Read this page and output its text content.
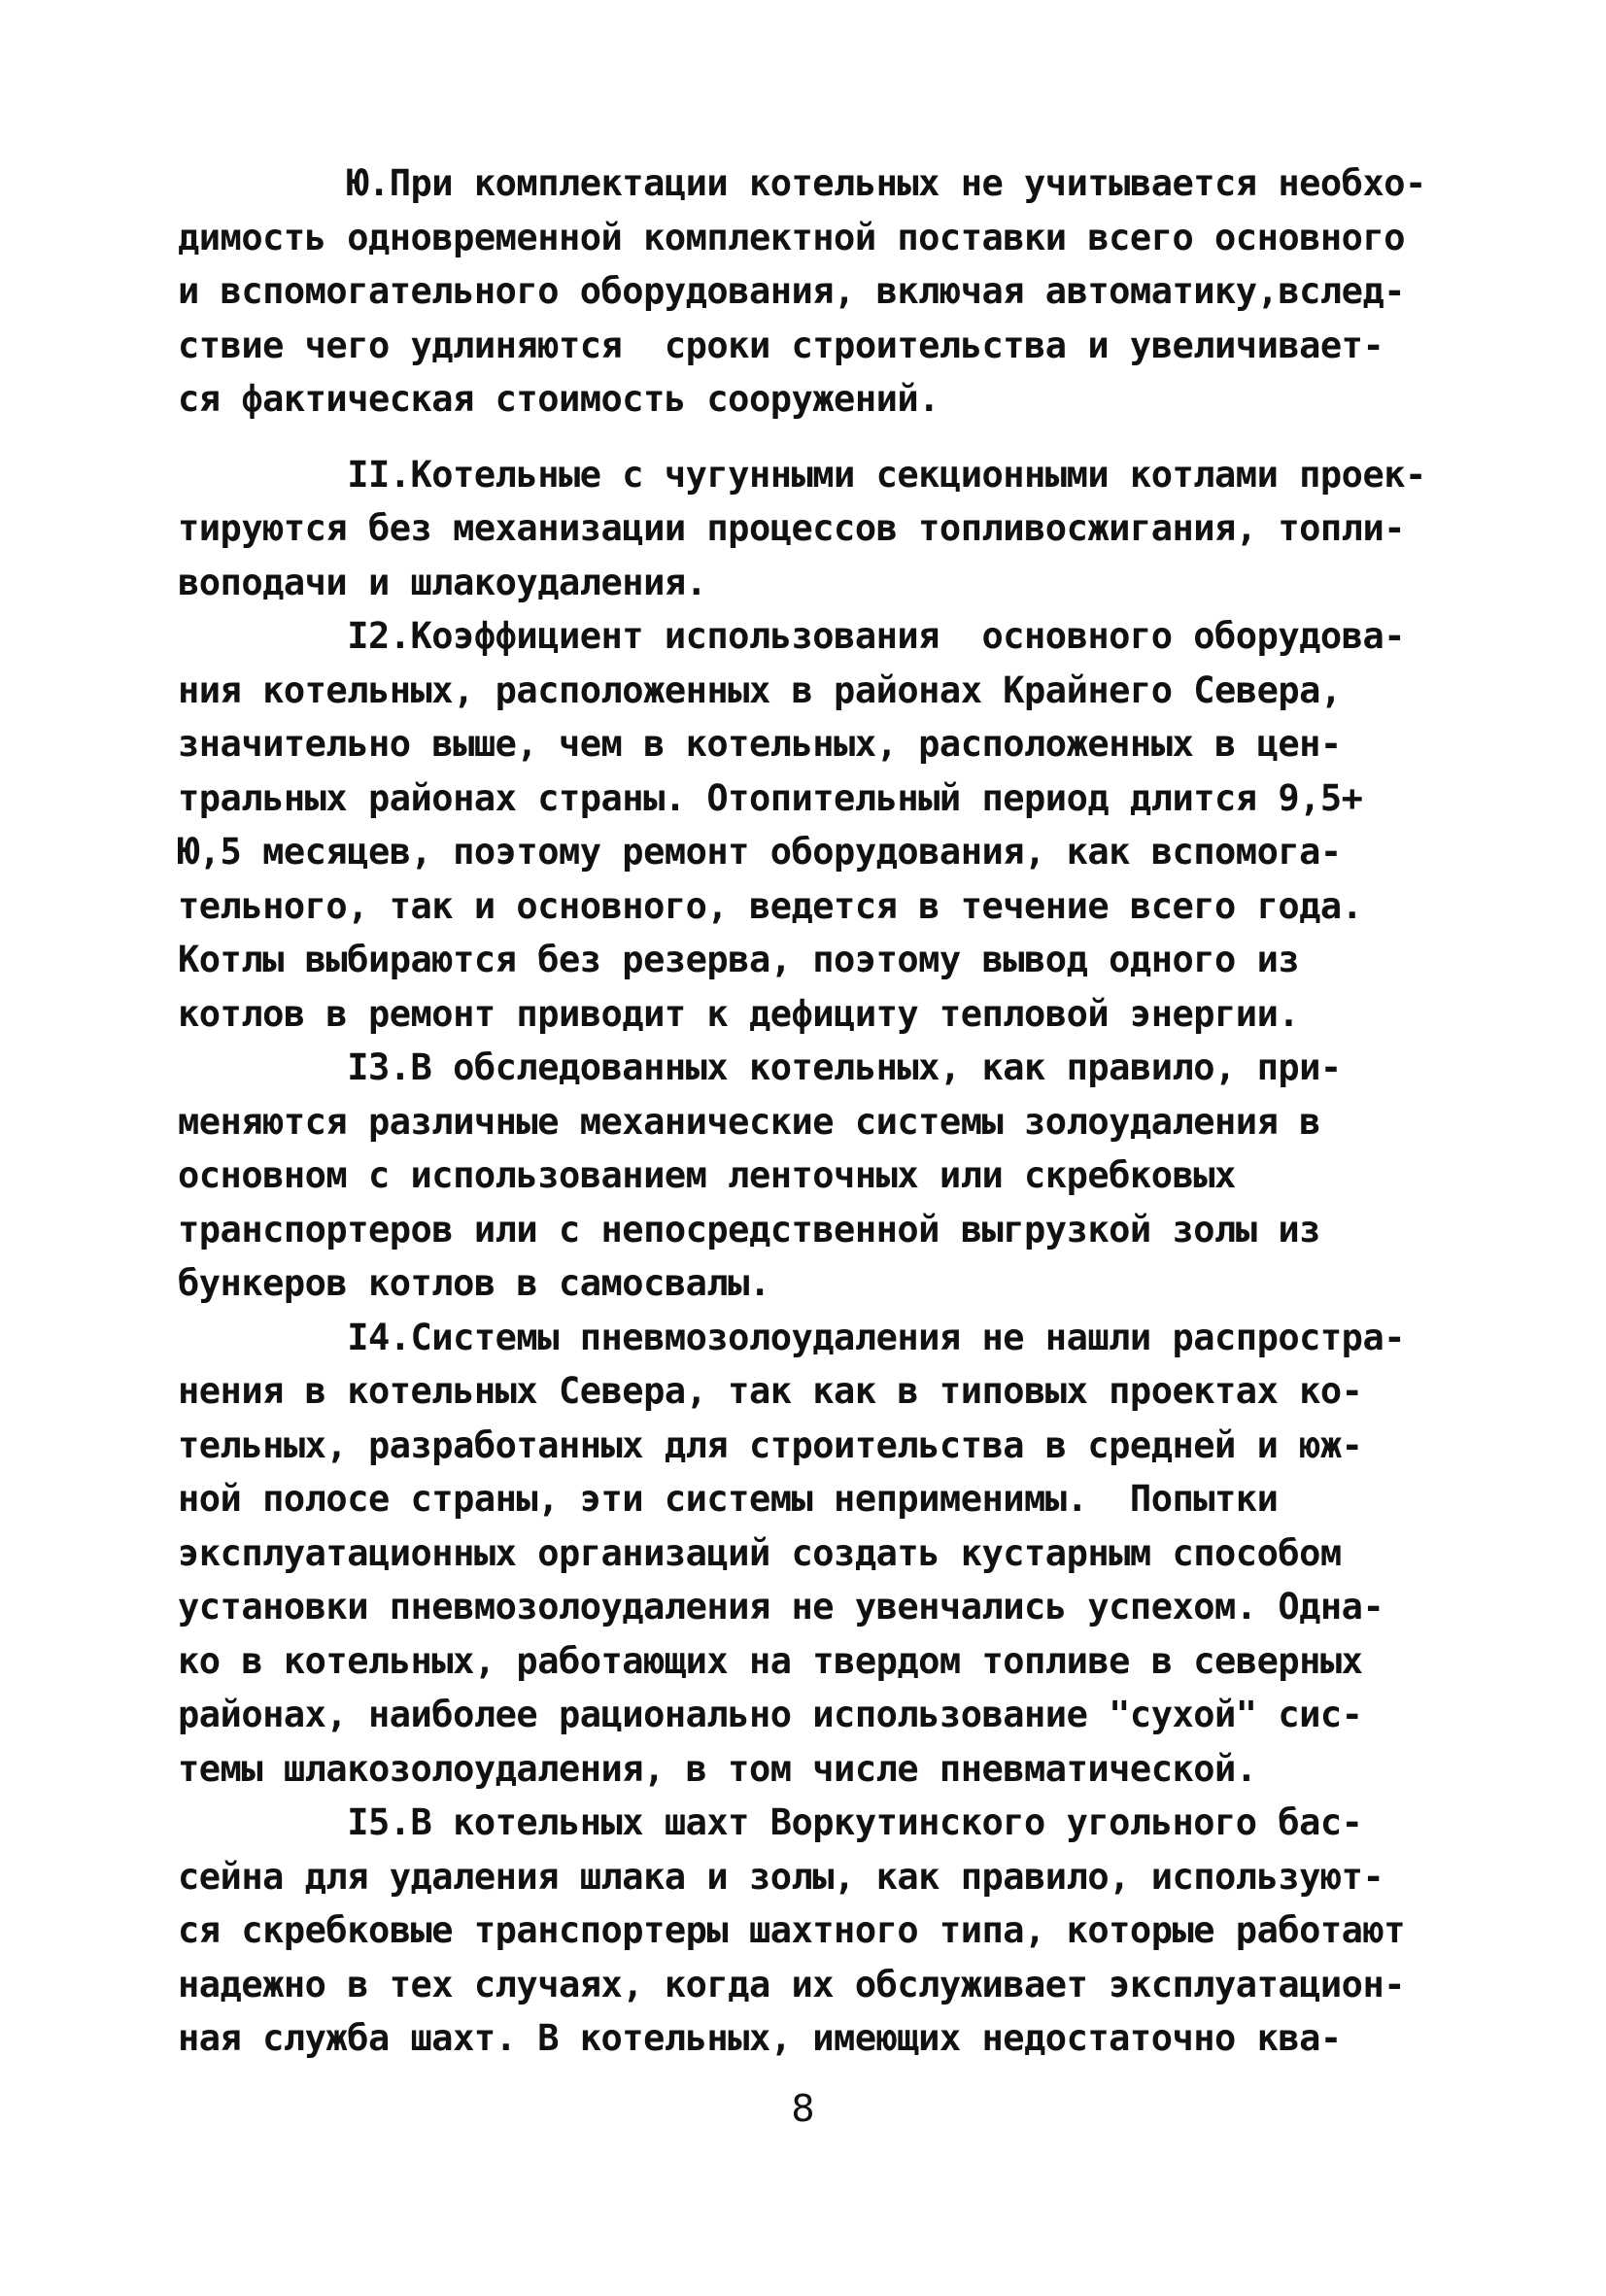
Ю.При комплектации котельных не учитывается необхо-
димость одновременной комплектной поставки всего основного
и вспомогательного оборудования, включая автоматику,вслед-
ствие чего удлиняются  сроки строительства и увеличивает-
ся фактическая стоимость сооружений.
II.Котельные с чугунными секционными котлами проек-
тируются без механизации процессов топливосжигания, топли-
воподачи и шлакоудаления.
I2.Коэффициент использования  основного оборудова-
ния котельных, расположенных в районах Крайнего Севера,
значительно выше, чем в котельных, расположенных в цен-
тральных районах страны. Отопительный период длится 9,5+
Ю,5 месяцев, поэтому ремонт оборудования, как вспомога-
тельного, так и основного, ведется в течение всего года.
Котлы выбираются без резерва, поэтому вывод одного из
котлов в ремонт приводит к дефициту тепловой энергии.
I3.В обследованных котельных, как правило, при-
меняются различные механические системы золоудаления в
основном с использованием ленточных или скребковых
транспортеров или с непосредственной выгрузкой золы из
бункеров котлов в самосвалы.
I4.Системы пневмозолоудаления не нашли распростра-
нения в котельных Севера, так как в типовых проектах ко-
тельных, разработанных для строительства в средней и юж-
ной полосе страны, эти системы неприменимы.  Попытки
эксплуатационных организаций создать кустарным способом
установки пневмозолоудаления не увенчались успехом. Одна-
ко в котельных, работающих на твердом топливе в северных
районах, наиболее рационально использование "сухой" сис-
темы шлакозолоудаления, в том числе пневматической.
I5.В котельных шахт Воркутинского угольного бас-
сейна для удаления шлака и золы, как правило, используют-
ся скребковые транспортеры шахтного типа, которые работают
надежно в тех случаях, когда их обслуживает эксплуатацион-
ная служба шахт. В котельных, имеющих недостаточно ква-
8
